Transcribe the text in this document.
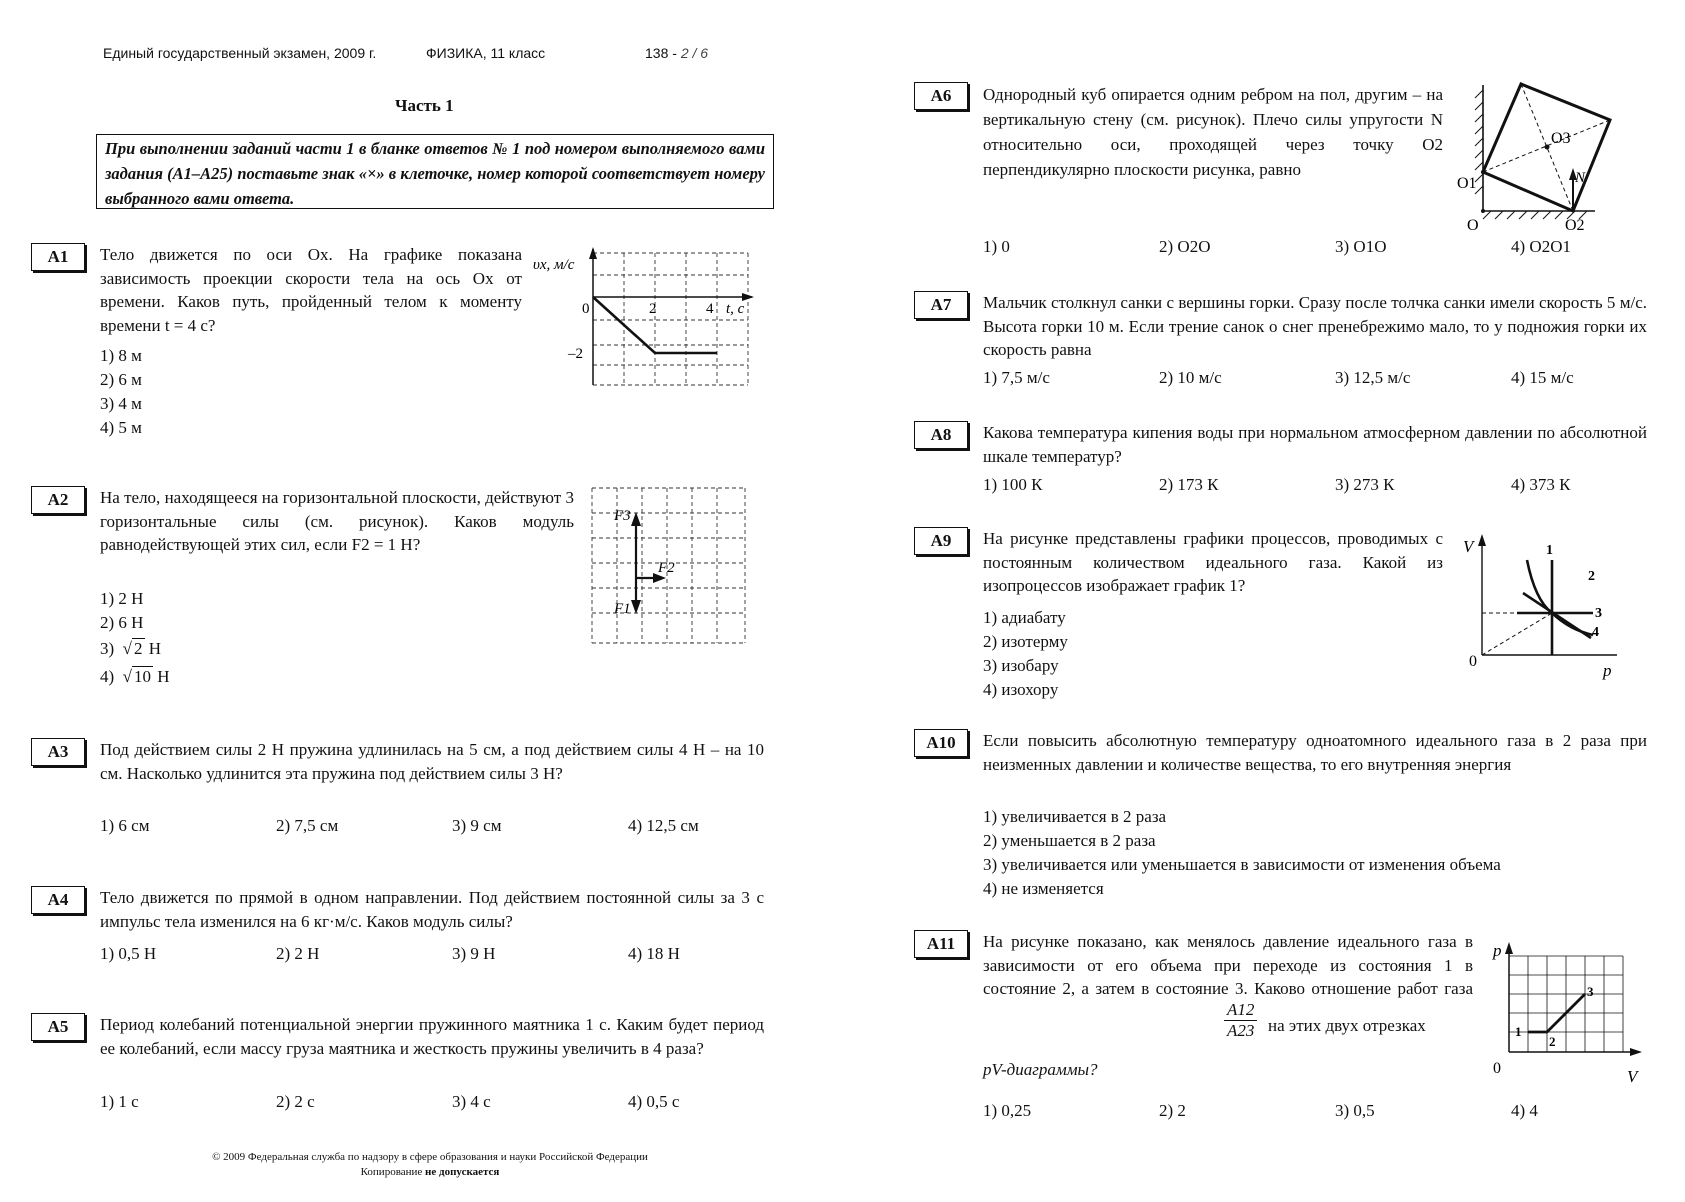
Единый государственный экзамен, 2009 г.	ФИЗИКА, 11 класс	138 - 2 / 6
Часть 1
При выполнении заданий части 1 в бланке ответов № 1 под номером выполняемого вами задания (А1–А25) поставьте знак «×» в клеточке, номер которой соответствует номеру выбранного вами ответа.
А1	Тело движется по оси Ox. На графике показана зависимость проекции скорости тела на ось Ox от времени. Каков путь, пройденный телом к моменту времени t = 4 с?
1) 8 м
2) 6 м
3) 4 м
4) 5 м
υx, м/с
0	2	4 t, с
–2
А2	На тело, находящееся на горизонтальной плоскости, действуют 3 горизонтальные силы (см. рисунок). Каков модуль равнодействующей этих сил, если F2 = 1 Н?
1) 2 Н
2) 6 Н
3)  √ 2 Н
4)  √ 10 Н
F3
F2
F1
А3	Под действием силы 2 Н пружина удлинилась на 5 см, а под действием силы 4 Н – на 10 см. Насколько удлинится эта пружина под действием силы 3 Н?
1) 6 см	2) 7,5 см	3) 9 см	4) 12,5 см
А4	Тело движется по прямой в одном направлении. Под действием постоянной силы за 3 с импульс тела изменился на 6 кг·м/с. Каков модуль силы?
1) 0,5 Н	2) 2 Н	3) 9 Н	4) 18 Н
А5	Период колебаний потенциальной энергии пружинного маятника 1 с. Каким будет период ее колебаний, если массу груза маятника и жесткость пружины увеличить в 4 раза?
1) 1 с	2) 2 с	3) 4 с	4) 0,5 с
© 2009 Федеральная служба по надзору в сфере образования и науки Российской Федерации
Копирование не допускается
А6	Однородный куб опирается одним ребром на пол, другим – на вертикальную стену (см. рисунок). Плечо силы упругости N относительно оси, проходящей через точку O2 перпендикулярно плоскости рисунка, равно
O3
N
O1
O	O2
1) 0	2) O2O	3) O1O	4) O2O1
А7	Мальчик столкнул санки с вершины горки. Сразу после толчка санки имели скорость 5 м/с. Высота горки 10 м. Если трение санок о снег пренебрежимо мало, то у подножия горки их скорость равна
1) 7,5 м/с	2) 10 м/с	3) 12,5 м/с	4) 15 м/с
А8	Какова температура кипения воды при нормальном атмосферном давлении по абсолютной шкале температур?
1) 100 К	2) 173 К	3) 273 К	4) 373 К
А9	На рисунке представлены графики процессов, проводимых с постоянным количеством идеального газа. Какой из изопроцессов изображает график 1?
1) адиабату
2) изотерму
3) изобару
4) изохору
V
0	p
1
2
3
4
А10	Если повысить абсолютную температуру одноатомного идеального газа в 2 раза при неизменных давлении и количестве вещества, то его внутренняя энергия
1) увеличивается в 2 раза
2) уменьшается в 2 раза
3) увеличивается или уменьшается в зависимости от изменения объема
4) не изменяется
А11	На рисунке показано, как менялось давление идеального газа в зависимости от его объема при переходе из состояния 1 в состояние 2, а затем в состояние 3. Каково отношение работ газа
$\frac{A12}{A23}$ на этих двух отрезках
pV-диаграммы?
p
0	V
1
2
3
1) 0,25	2) 2	3) 0,5	4) 4
